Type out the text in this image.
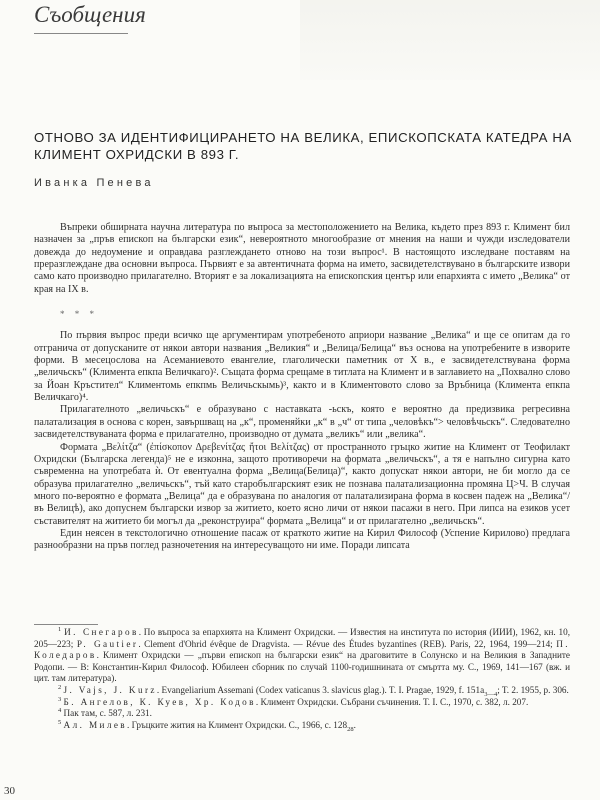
Съобщения
ОТНОВО ЗА ИДЕНТИФИЦИРАНЕТО НА ВЕЛИКА, ЕПИСКОПСКАТА КАТЕДРА НА КЛИМЕНТ ОХРИДСКИ В 893 Г.
Иванка Пенева

Въпреки обширната научна литература по въпроса за местоположението на Велика, където през 893 г. Климент бил назначен за „пръв епископ на български език“, невероятното многообразие от мнения на наши и чужди изследователи довежда до недоумение и оправдава разглеждането отново на този въпрос¹. В настоящото изследване поставям на преразглеждане два основни въпроса. Първият е за автентичната форма на името, засвидетелствувано в българските извори само като производно прилагателно. Вторият е за локализацията на епископския център или епархията с името „Велика“ от края на IX в.

* * *

По първия въпрос преди всичко ще аргументирам употребеното априори название „Велика“ и ще се опитам да го отгранича от допусканите от някои автори названия „Великия“ и „Велица/Белица“ въз основа на употребените в изворите форми. В месецослова на Асеманиевото евангелие, глаголически паметник от X в., е засвидетелствувана форма „величьскъ“ (Климента епкпа Величкаго)². Същата форма срещаме в титлата на Климент и в заглавието на „Похвално слово за Йоан Кръстител“ Климентомь епкпмь Величьскымь)³, както и в Климентовото слово за Връбница (Климента епкпа Величкаго)⁴.

Прилагателното „величьскъ“ е образувано с наставката -ьскъ, която е вероятно да предизвика регресивна палатализация в основа с корен, завършващ на „к“, променяйки „к“ в „ч“ от типа „человѣкъ“> человѣчьскъ“. Следователно засвидетелствуваната форма е прилагателно, производно от думата „великъ“ или „велика“.

Формата „Βελίτζα“ (ἐπίσκοπον Δρεβενίτζας ἤτοι Βελίτζας) от пространното гръцко житие на Климент от Теофилакт Охридски (Българска легенда)⁵ не е изконна, защото противоречи на формата „величьскъ“, а тя е напълно сигурна като съвременна на употребата ѝ. От евентуална форма „Велица(Белица)“, както допускат някои автори, не би могло да се образува прилагателно „величьскъ“, тъй като старобългарският език не познава палатализационна промяна Ц>Ч. В случая много по-вероятно е формата „Велица“ да е образувана по аналогия от палатализирана форма в косвен падеж на „Велика“/въ Велицѣ), ако допуснем български извор за житието, което ясно личи от някои пасажи в него. При липса на езиков усет съставителят на житието би могъл да „реконструира“ формата „Велица“ и от прилагателно „величьскъ“.

Един неясен в текстологично отношение пасаж от краткото житие на Кирил Философ (Успение Кирилово) предлага разнообразни на пръв поглед разночетения на интересуващото ни име. Поради липсата

$^1$ И. Снегаров. По въпроса за епархията на Климент Охридски. — Известия на института по история (ИИИ), 1962, кн. 10, 205—223; P. Gautier. Clement d'Ohrid évêque de Dragvista. — Révue des Études byzantines (REB). Paris, 22, 1964, 199—214; П. Коледаров. Климент Охридски — „първи епископ на български език“ на драговитите в Солунско и на Великия в Западните Родопи. — В: Константин-Кирил Философ. Юбилеен сборник по случай 1100-годишнината от смъртта му. С., 1969, 141—167 (вж. и цит. там литература).

$^2$ J. Vajs, J. Kurz. Evangeliarium Assemani (Codex vaticanus 3. slavicus glag.). T. I. Pragae, 1929, f. $151a_{3—4}$; T. 2. 1955, p. 306.

$^3$ Б. Ангелов, К. Куев, Хр. Кодов. Климент Охридски. Събрани съчинения. Т. I. С., 1970, с. 382, л. 207.

$^4$ Пак там, с. 587, л. 231.

$^5$ Ал. Милев. Гръцките жития на Климент Охридски. С., 1966, с. $128_{28}$.

30
